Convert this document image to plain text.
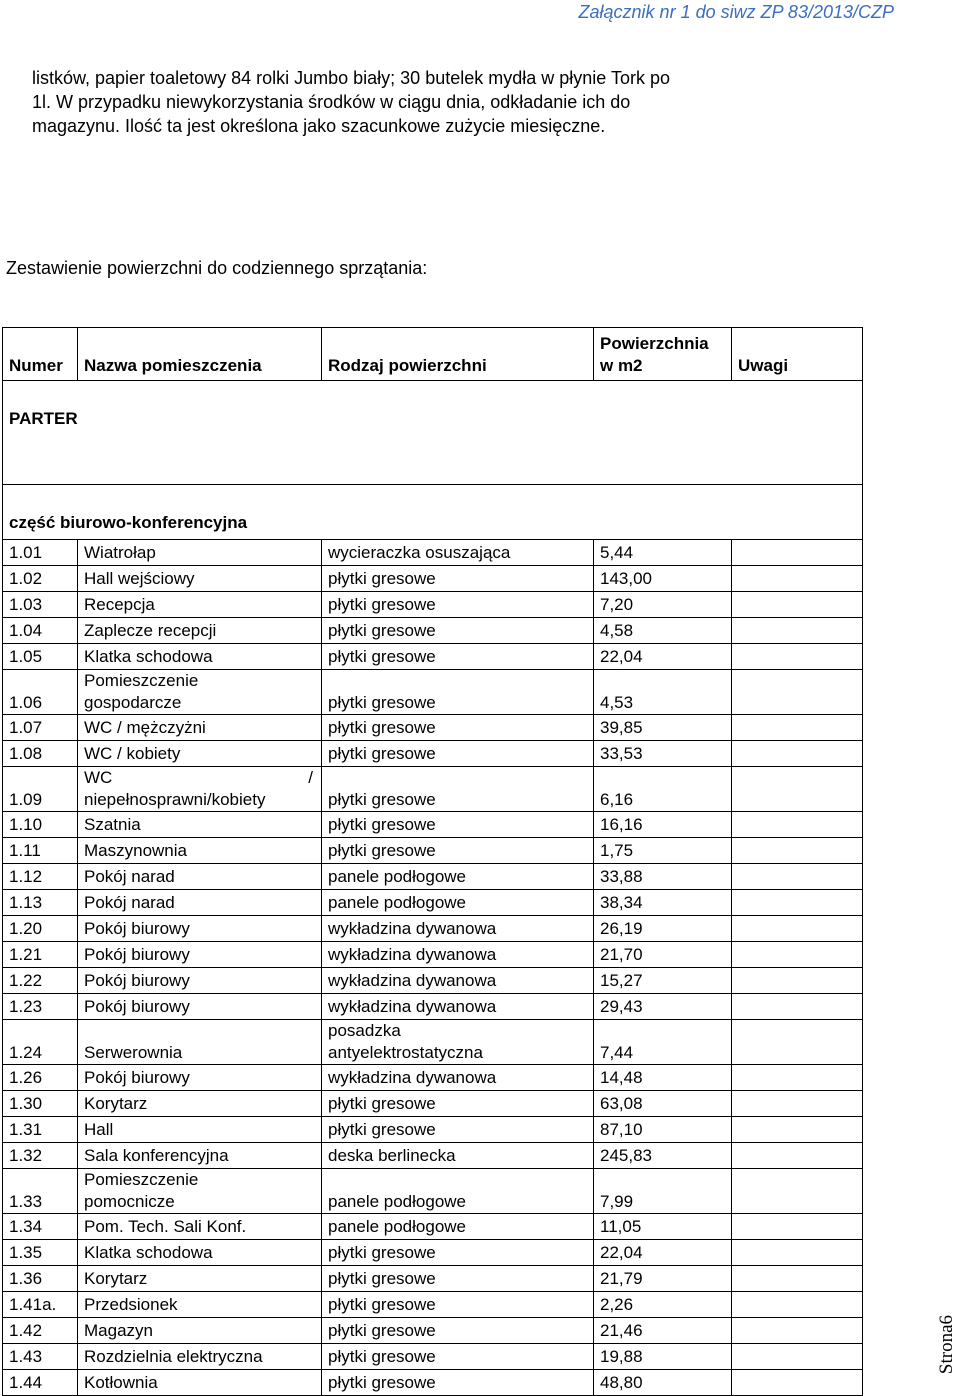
Załącznik nr 1 do siwz ZP 83/2013/CZP

listków, papier toaletowy 84 rolki Jumbo biały; 30 butelek mydła w płynie Tork po

1l. W przypadku niewykorzystania środków w ciągu dnia, odkładanie ich do

magazynu. Ilość ta jest określona jako szacunkowe zużycie miesięczne.

Zestawienie powierzchni do codziennego sprzątania:
Numer	Nazwa pomieszczenia	Rodzaj powierzchni	Powierzchnia
w m2	Uwagi
PARTER				
część biurowo-konferencyjna				
1.01	Wiatrołap	wycieraczka osuszająca	5,44	
1.02	Hall wejściowy	płytki gresowe	143,00	
1.03	Recepcja	płytki gresowe	7,20	
1.04	Zaplecze recepcji	płytki gresowe	4,58	
1.05	Klatka schodowa	płytki gresowe	22,04	
1.06	Pomieszczenie
gospodarcze	płytki gresowe	4,53	
1.07	WC / mężczyżni	płytki gresowe	39,85	
1.08	WC / kobiety	płytki gresowe	33,53	
1.09	WC /
niepełnosprawni/kobiety	płytki gresowe	6,16	
1.10	Szatnia	płytki gresowe	16,16	
1.11	Maszynownia	płytki gresowe	1,75	
1.12	Pokój narad	panele podłogowe	33,88	
1.13	Pokój narad	panele podłogowe	38,34	
1.20	Pokój biurowy	wykładzina dywanowa	26,19	
1.21	Pokój biurowy	wykładzina dywanowa	21,70	
1.22	Pokój biurowy	wykładzina dywanowa	15,27	
1.23	Pokój biurowy	wykładzina dywanowa	29,43	
1.24	Serwerownia	posadzka
antyelektrostatyczna	7,44	
1.26	Pokój biurowy	wykładzina dywanowa	14,48	
1.30	Korytarz	płytki gresowe	63,08	
1.31	Hall	płytki gresowe	87,10	
1.32	Sala konferencyjna	deska berlinecka	245,83	
1.33	Pomieszczenie
pomocnicze	panele podłogowe	7,99	
1.34	Pom. Tech. Sali Konf.	panele podłogowe	11,05	
1.35	Klatka schodowa	płytki gresowe	22,04	
1.36	Korytarz	płytki gresowe	21,79	
1.41a.	Przedsionek	płytki gresowe	2,26	
1.42	Magazyn	płytki gresowe	21,46	
1.43	Rozdzielnia elektryczna	płytki gresowe	19,88	
1.44	Kotłownia	płytki gresowe	48,80	
Strona6
